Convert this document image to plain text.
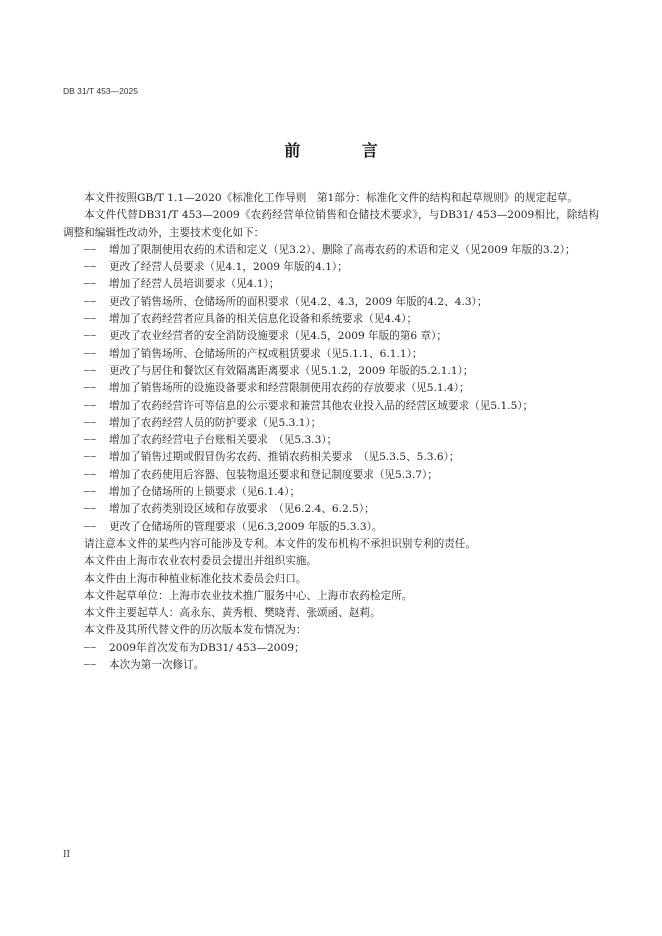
DB 31/T 453—2025

前 言

本文件按照GB/T 1.1—2020《标准化工作导则　第1部分：标准化文件的结构和起草规则》的规定起草。

本文件代替DB31/T 453—2009《农药经营单位销售和仓储技术要求》，与DB31/ 453—2009相比，除结构调整和编辑性改动外，主要技术变化如下：

—— 增加了限制使用农药的术语和定义（见3.2）、删除了高毒农药的术语和定义（见2009 年版的3.2）；

—— 更改了经营人员要求（见4.1，2009 年版的4.1）；

—— 增加了经营人员培训要求（见4.1）；

—— 更改了销售场所、仓储场所的面积要求（见4.2、4.3，2009 年版的4.2、4.3）；

—— 增加了农药经营者应具备的相关信息化设备和系统要求（见4.4）；

—— 更改了农业经营者的安全消防设施要求（见4.5，2009 年版的第6 章）；

—— 增加了销售场所、仓储场所的产权或租赁要求（见5.1.1、6.1.1）；

—— 更改了与居住和餐饮区有效隔离距离要求（见5.1.2，2009 年版的5.2.1.1）；

—— 增加了销售场所的设施设备要求和经营限制使用农药的存放要求（见5.1.4）；

—— 增加了农药经营许可等信息的公示要求和兼营其他农业投入品的经营区域要求（见5.1.5）；

—— 增加了农药经营人员的防护要求（见5.3.1）；

—— 增加了农药经营电子台账相关要求　（见5.3.3）；

—— 增加了销售过期或假冒伪劣农药、推销农药相关要求　（见5.3.5、5.3.6）；

—— 增加了农药使用后容器、包装物退还要求和登记制度要求（见5.3.7）；

—— 增加了仓储场所的上锁要求（见6.1.4）；

—— 增加了农药类别设区域和存放要求　（见6.2.4、6.2.5）；

—— 更改了仓储场所的管理要求（见6.3,2009 年版的5.3.3）。

请注意本文件的某些内容可能涉及专利。本文件的发布机构不承担识别专利的责任。

本文件由上海市农业农村委员会提出并组织实施。

本文件由上海市种植业标准化技术委员会归口。

本文件起草单位：上海市农业技术推广服务中心、上海市农药检定所。

本文件主要起草人：高永东、黄秀根、樊晓青、张颂函、赵莉。

本文件及其所代替文件的历次版本发布情况为：

—— 2009年首次发布为DB31/ 453—2009；

—— 本次为第一次修订。

II
